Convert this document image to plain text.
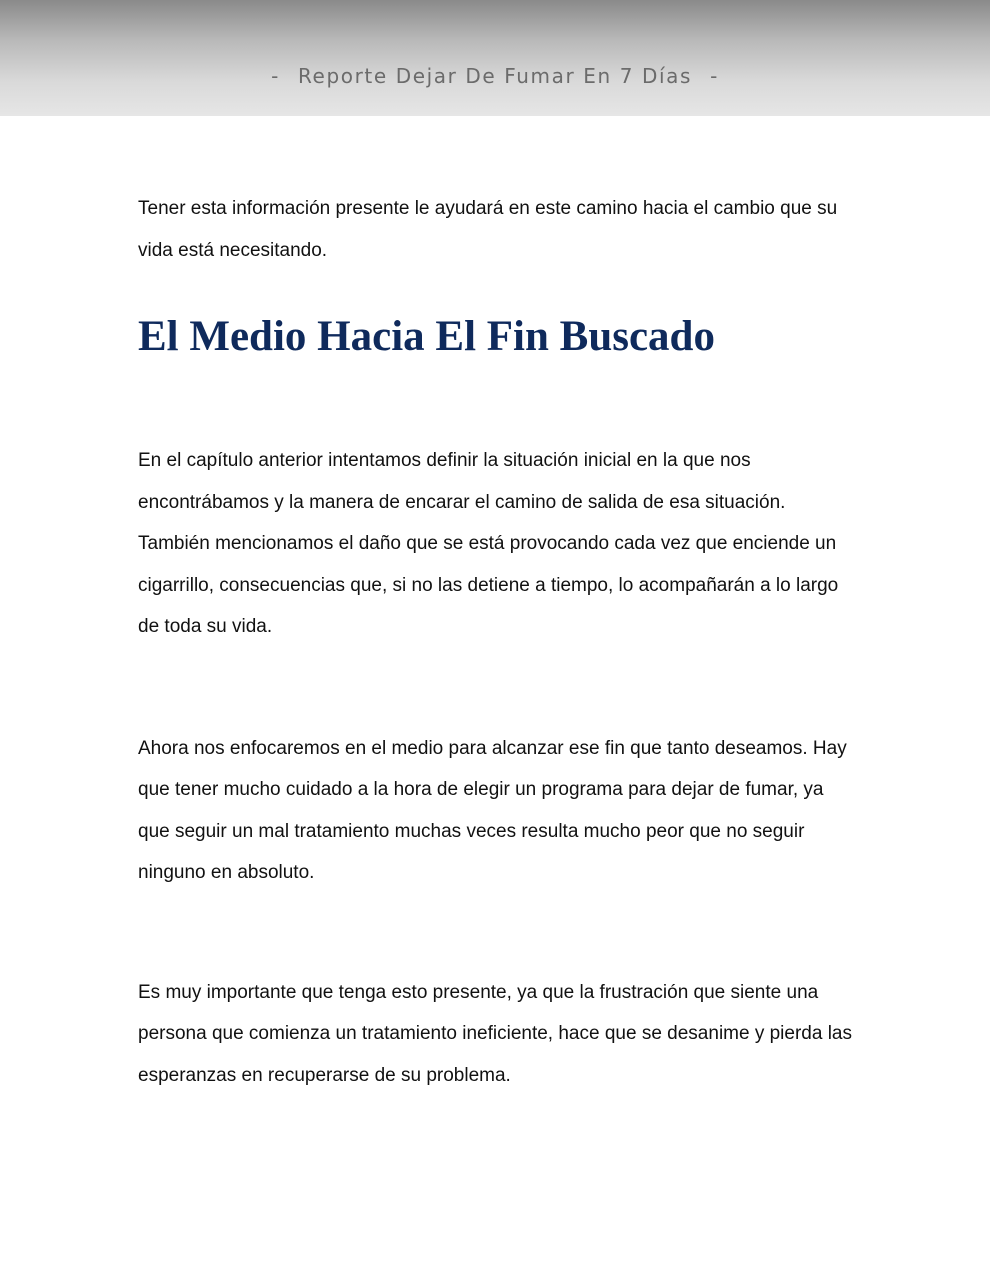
- Reporte Dejar De Fumar En 7 Días -

Tener esta información presente le ayudará en este camino hacia el cambio que su vida está necesitando.

El Medio Hacia El Fin Buscado

En el capítulo anterior intentamos definir la situación inicial en la que nos encontrábamos y la manera de encarar el camino de salida de esa situación. También mencionamos el daño que se está provocando cada vez que enciende un cigarrillo, consecuencias que, si no las detiene a tiempo, lo acompañarán a lo largo de toda su vida.

Ahora nos enfocaremos en el medio para alcanzar ese fin que tanto deseamos. Hay que tener mucho cuidado a la hora de elegir un programa para dejar de fumar, ya que seguir un mal tratamiento muchas veces resulta mucho peor que no seguir ninguno en absoluto.

Es muy importante que tenga esto presente, ya que la frustración que siente una persona que comienza un tratamiento ineficiente, hace que se desanime y pierda las esperanzas en recuperarse de su problema.
